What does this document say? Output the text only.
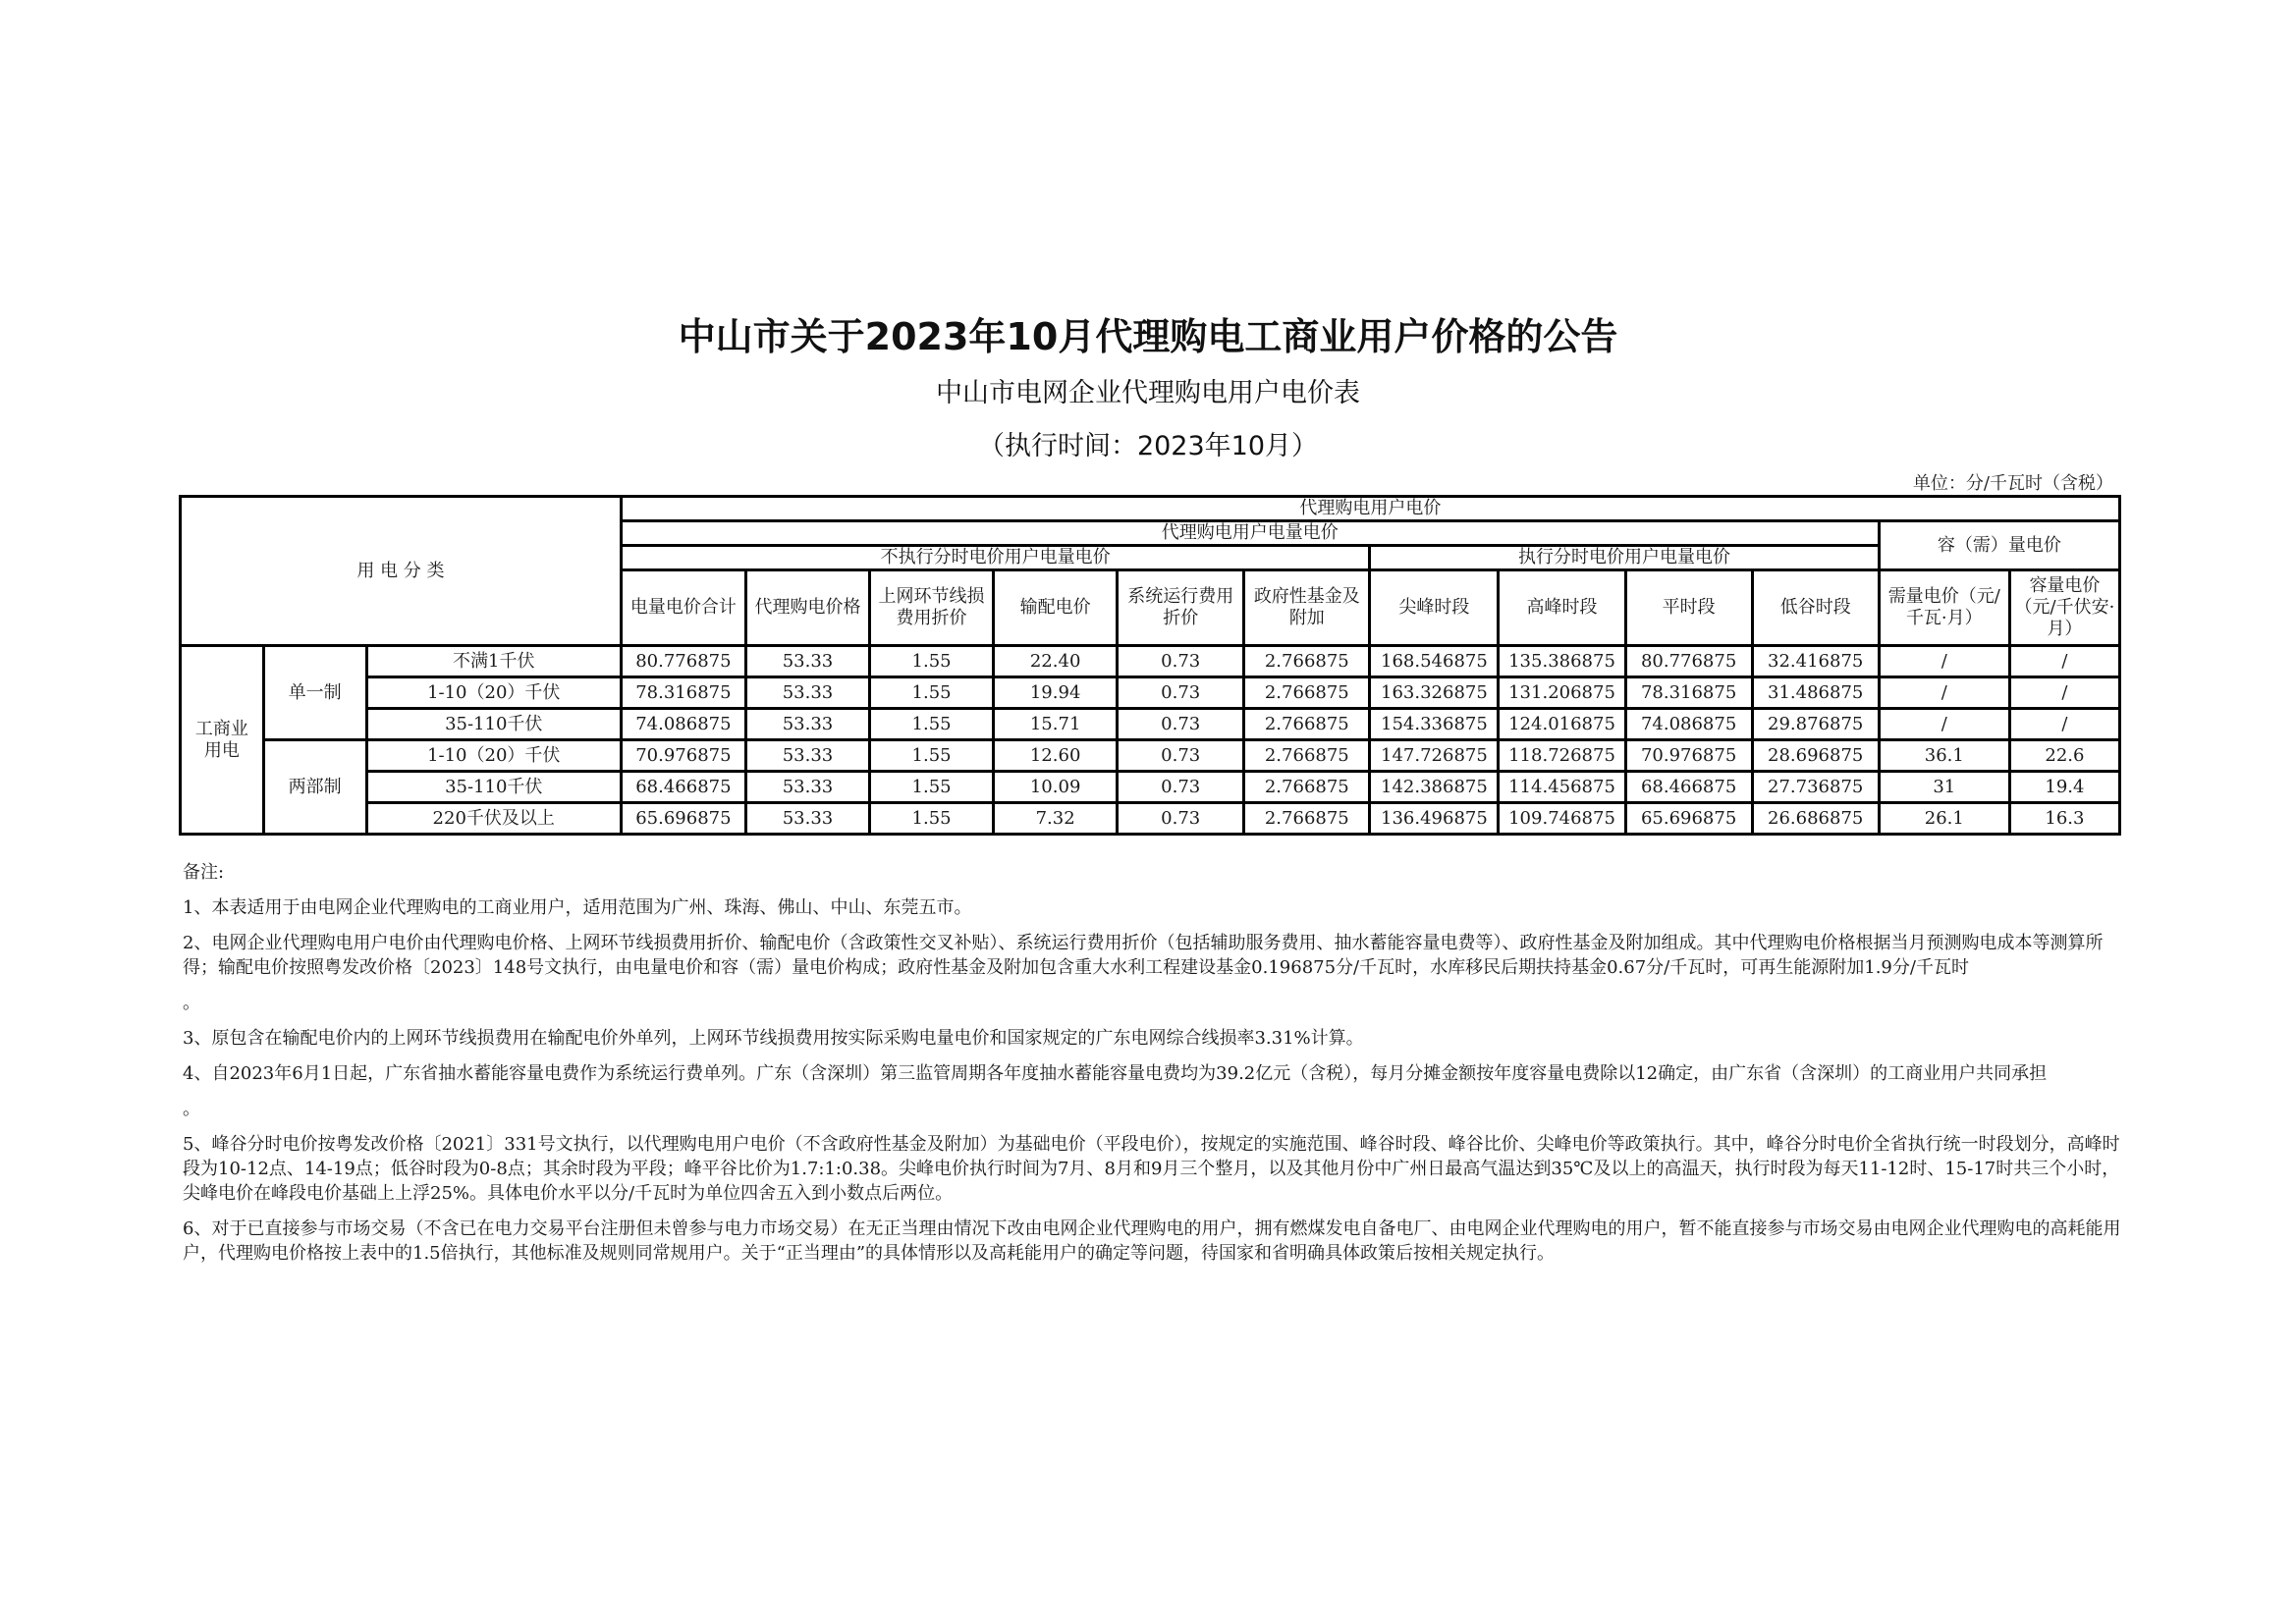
中山市关于2023年10月代理购电工商业用户价格的公告
中山市电网企业代理购电用户电价表
（执行时间：2023年10月）
单位：分/千瓦时（含税）
用 电 分 类			代理购电用户电价											
			代理购电用户电量电价										容（需）量电价	
			不执行分时电价用户电量电价						执行分时电价用户电量电价					
			电量电价合计	代理购电价格	上网环节线损费用折价	输配电价	系统运行费用折价	政府性基金及附加	尖峰时段	高峰时段	平时段	低谷时段	需量电价（元/千瓦·月）	容量电价（元/千伏安·月）
工商业用电	单一制	不满1千伏	80.776875	53.33	1.55	22.40	0.73	2.766875	168.546875	135.386875	80.776875	32.416875	/	/
		1-10（20）千伏	78.316875	53.33	1.55	19.94	0.73	2.766875	163.326875	131.206875	78.316875	31.486875	/	/
		35-110千伏	74.086875	53.33	1.55	15.71	0.73	2.766875	154.336875	124.016875	74.086875	29.876875	/	/
	两部制	1-10（20）千伏	70.976875	53.33	1.55	12.60	0.73	2.766875	147.726875	118.726875	70.976875	28.696875	36.1	22.6
		35-110千伏	68.466875	53.33	1.55	10.09	0.73	2.766875	142.386875	114.456875	68.466875	27.736875	31	19.4
		220千伏及以上	65.696875	53.33	1.55	7.32	0.73	2.766875	136.496875	109.746875	65.696875	26.686875	26.1	16.3
备注:

1、本表适用于由电网企业代理购电的工商业用户，适用范围为广州、珠海、佛山、中山、东莞五市。

2、电网企业代理购电用户电价由代理购电价格、上网环节线损费用折价、输配电价（含政策性交叉补贴）、系统运行费用折价（包括辅助服务费用、抽水蓄能容量电费等）、政府性基金及附加组成。其中代理购电价格根据当月预测购电成本等测算所得；输配电价按照粤发改价格〔2023〕148号文执行，由电量电价和容（需）量电价构成；政府性基金及附加包含重大水利工程建设基金0.196875分/千瓦时，水库移民后期扶持基金0.67分/千瓦时，可再生能源附加1.9分/千瓦时

。

3、原包含在输配电价内的上网环节线损费用在输配电价外单列，上网环节线损费用按实际采购电量电价和国家规定的广东电网综合线损率3.31%计算。

4、自2023年6月1日起，广东省抽水蓄能容量电费作为系统运行费单列。广东（含深圳）第三监管周期各年度抽水蓄能容量电费均为39.2亿元（含税），每月分摊金额按年度容量电费除以12确定，由广东省（含深圳）的工商业用户共同承担

。

5、峰谷分时电价按粤发改价格〔2021〕331号文执行，以代理购电用户电价（不含政府性基金及附加）为基础电价（平段电价），按规定的实施范围、峰谷时段、峰谷比价、尖峰电价等政策执行。其中，峰谷分时电价全省执行统一时段划分，高峰时段为10-12点、14-19点；低谷时段为0-8点；其余时段为平段；峰平谷比价为1.7:1:0.38。尖峰电价执行时间为7月、8月和9月三个整月，以及其他月份中广州日最高气温达到35℃及以上的高温天，执行时段为每天11-12时、15-17时共三个小时，尖峰电价在峰段电价基础上上浮25%。具体电价水平以分/千瓦时为单位四舍五入到小数点后两位。

6、对于已直接参与市场交易（不含已在电力交易平台注册但未曾参与电力市场交易）在无正当理由情况下改由电网企业代理购电的用户，拥有燃煤发电自备电厂、由电网企业代理购电的用户，暂不能直接参与市场交易由电网企业代理购电的高耗能用户，代理购电价格按上表中的1.5倍执行，其他标准及规则同常规用户。关于“正当理由”的具体情形以及高耗能用户的确定等问题，待国家和省明确具体政策后按相关规定执行。
